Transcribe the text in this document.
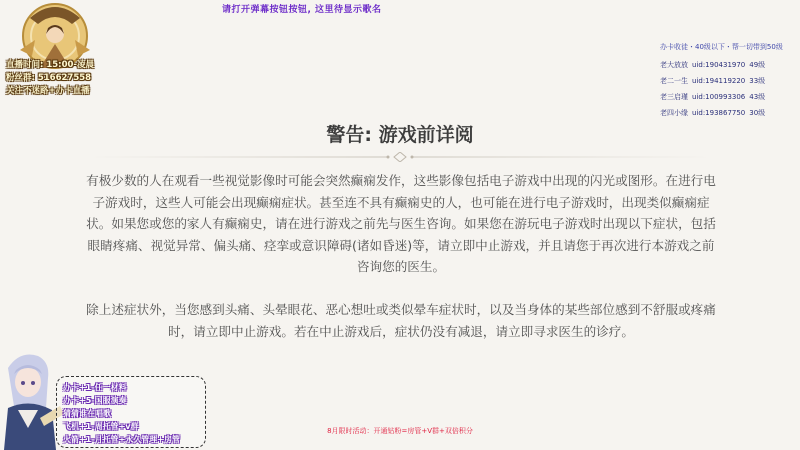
请打开弹幕按钮按钮, 这里待显示歌名
直播时间: 15:00-凌晨
粉丝群: 516627558
关注不迷路+办卡直播
办卡收徒・40级以下・帮一切带到50级
老大放放 uid:190431970 49级
老二一生 uid:194119220 33级
老三启瑾 uid:100993306 43级
老四小缘 uid:193867750 30级
警告: 游戏前详阅

有极少数的人在观看一些视觉影像时可能会突然癫痫发作，这些影像包括电子游戏中出现的闪光或图形。在进行电子游戏时，这些人可能会出现癫痫症状。甚至连不具有癫痫史的人，也可能在进行电子游戏时，出现类似癫痫症状。如果您或您的家人有癫痫史，请在进行游戏之前先与医生咨询。如果您在游玩电子游戏时出现以下症状，包括眼睛疼痛、视觉异常、偏头痛、痉挛或意识障碍(诸如昏迷)等，请立即中止游戏，并且请您于再次进行本游戏之前咨询您的医生。

除上述症状外，当您感到头痛、头晕眼花、恶心想吐或类似晕车症状时，以及当身体的某些部位感到不舒服或疼痛时，请立即中止游戏。若在中止游戏后，症状仍没有减退，请立即寻求医生的诊疗。

办卡+1-任一材料
办卡+5-国服演奏
猜猜谁在唱歌
飞机+1-周托管+v群
火箭+1-月托管+永久管理+房管
8月限时活动：开通钻粉=房管+V群+双倍积分
